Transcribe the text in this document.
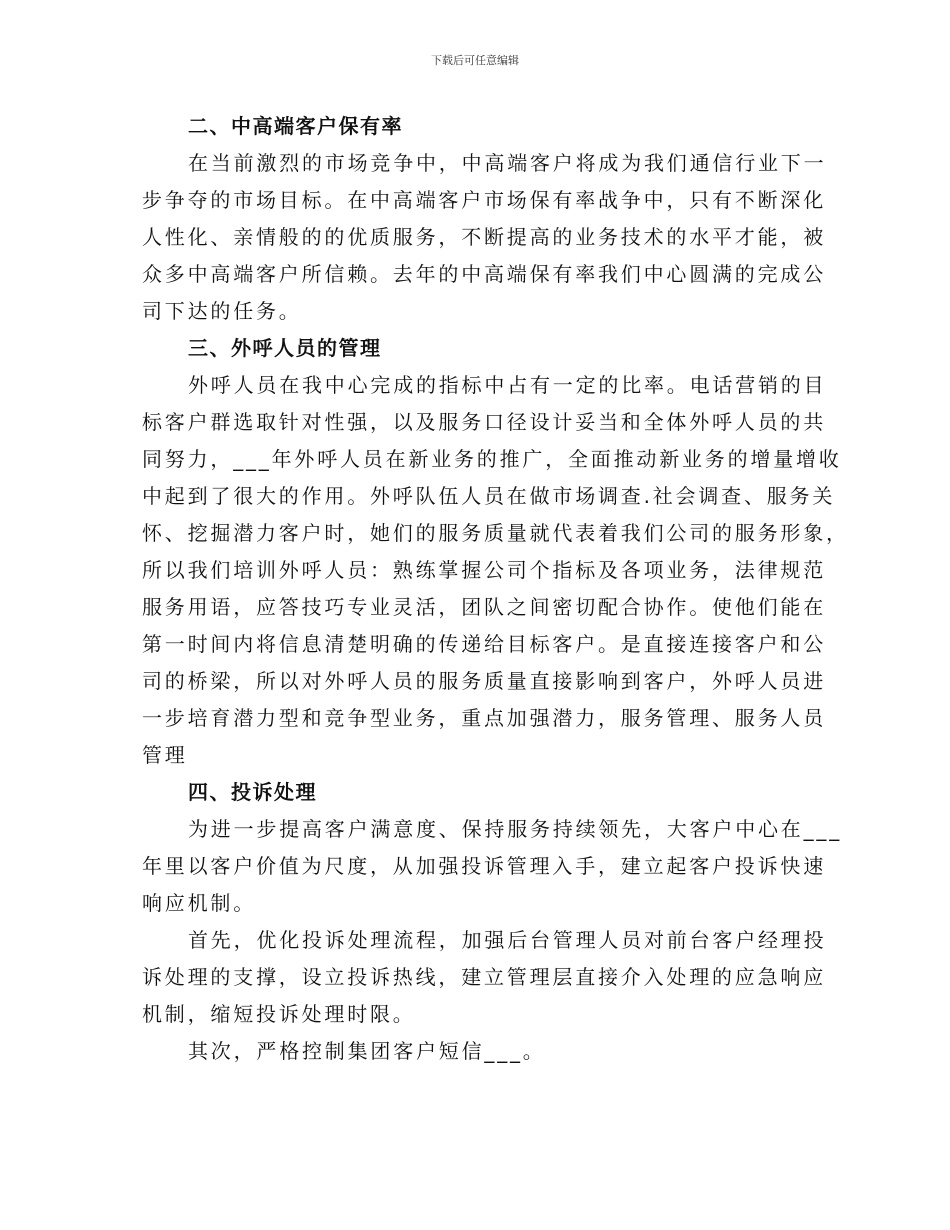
下载后可任意编辑

二、中高端客户保有率

在当前激烈的市场竞争中，中高端客户将成为我们通信行业下一

步争夺的市场目标。在中高端客户市场保有率战争中，只有不断深化

人性化、亲情般的的优质服务，不断提高的业务技术的水平才能，被

众多中高端客户所信赖。去年的中高端保有率我们中心圆满的完成公

司下达的任务。

三、外呼人员的管理

外呼人员在我中心完成的指标中占有一定的比率。电话营销的目

标客户群选取针对性强，以及服务口径设计妥当和全体外呼人员的共

同努力，___年外呼人员在新业务的推广，全面推动新业务的增量增收

中起到了很大的作用。外呼队伍人员在做市场调查.社会调查、服务关

怀、挖掘潜力客户时，她们的服务质量就代表着我们公司的服务形象，

所以我们培训外呼人员：熟练掌握公司个指标及各项业务，法律规范

服务用语，应答技巧专业灵活，团队之间密切配合协作。使他们能在

第一时间内将信息清楚明确的传递给目标客户。是直接连接客户和公

司的桥梁，所以对外呼人员的服务质量直接影响到客户，外呼人员进

一步培育潜力型和竞争型业务，重点加强潜力，服务管理、服务人员

管理

四、投诉处理

为进一步提高客户满意度、保持服务持续领先，大客户中心在___

年里以客户价值为尺度，从加强投诉管理入手，建立起客户投诉快速

响应机制。

首先，优化投诉处理流程，加强后台管理人员对前台客户经理投

诉处理的支撑，设立投诉热线，建立管理层直接介入处理的应急响应

机制，缩短投诉处理时限。

其次，严格控制集团客户短信___。
